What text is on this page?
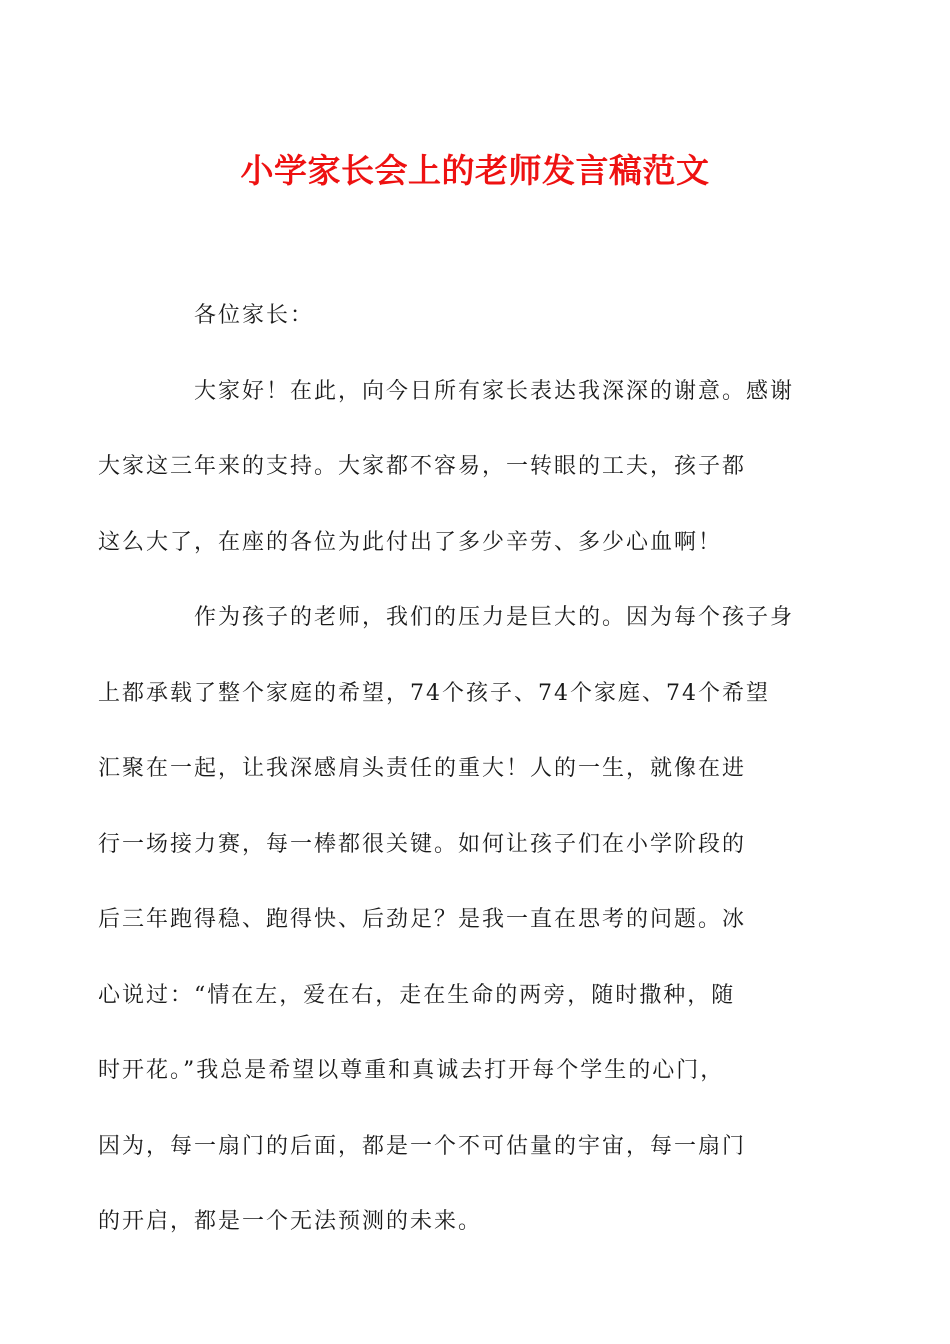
小学家长会上的老师发言稿范文

各位家长：

大家好！在此，向今日所有家长表达我深深的谢意。感谢
大家这三年来的支持。大家都不容易，一转眼的工夫，孩子都
这么大了，在座的各位为此付出了多少辛劳、多少心血啊！

作为孩子的老师，我们的压力是巨大的。因为每个孩子身
上都承载了整个家庭的希望，74个孩子、74个家庭、74个希望
汇聚在一起，让我深感肩头责任的重大！人的一生，就像在进
行一场接力赛，每一棒都很关键。如何让孩子们在小学阶段的
后三年跑得稳、跑得快、后劲足？是我一直在思考的问题。冰
心说过：“情在左，爱在右，走在生命的两旁，随时撒种，随
时开花。”我总是希望以尊重和真诚去打开每个学生的心门，
因为，每一扇门的后面，都是一个不可估量的宇宙，每一扇门
的开启，都是一个无法预测的未来。
